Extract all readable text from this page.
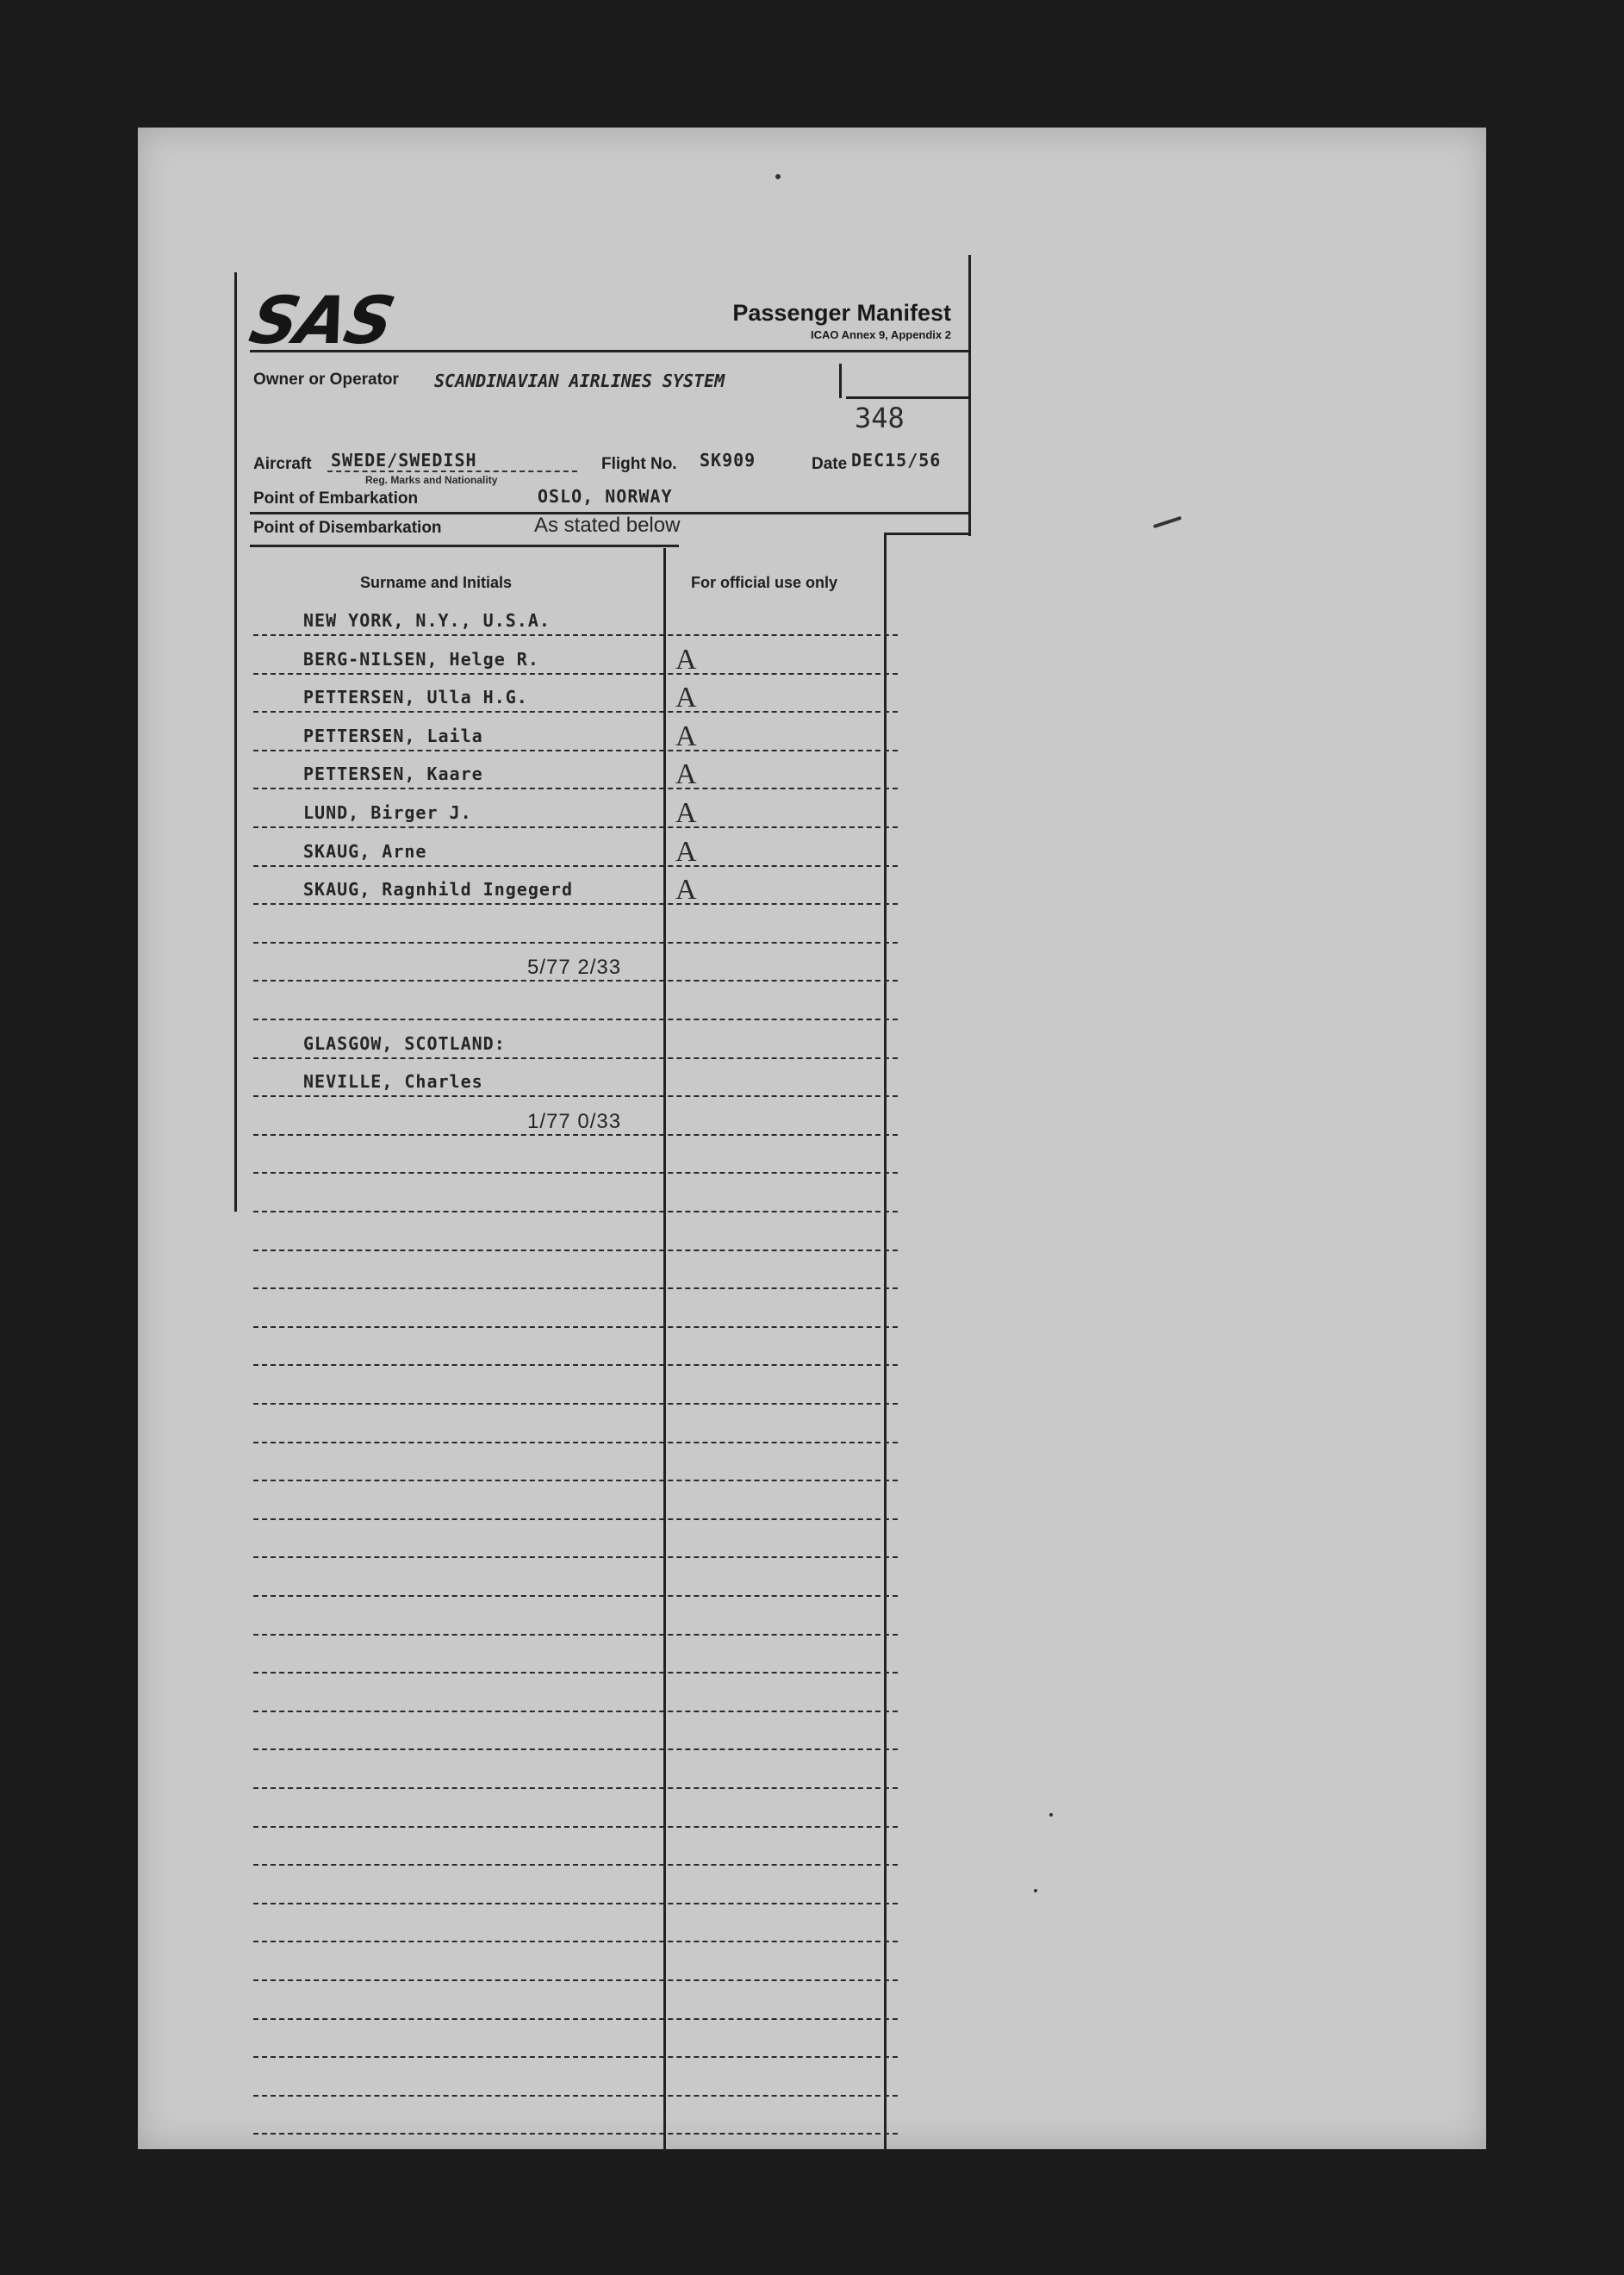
SAS	Passenger Manifest
ICAO Annex 9, Appendix 2
Owner or Operator SCANDINAVIAN AIRLINES SYSTEM
348
Aircraft SWEDE/SWEDISH
Reg. Marks and Nationality
Flight No. SK909	Date DEC15/56
Point of Embarkation	OSLO, NORWAY
Point of Disembarkation	As stated below
Surname and Initials	For official use only
NEW YORK, N.Y., U.S.A.
BERG-NILSEN, Helge R.	A
PETTERSEN, Ulla H.G.	A
PETTERSEN, Laila	A
PETTERSEN, Kaare	A
LUND, Birger J.	A
SKAUG, Arne	A
SKAUG, Ragnhild Ingegerd	A
5/77 2/33
GLASGOW, SCOTLAND:
NEVILLE, Charles
1/77 0/33
